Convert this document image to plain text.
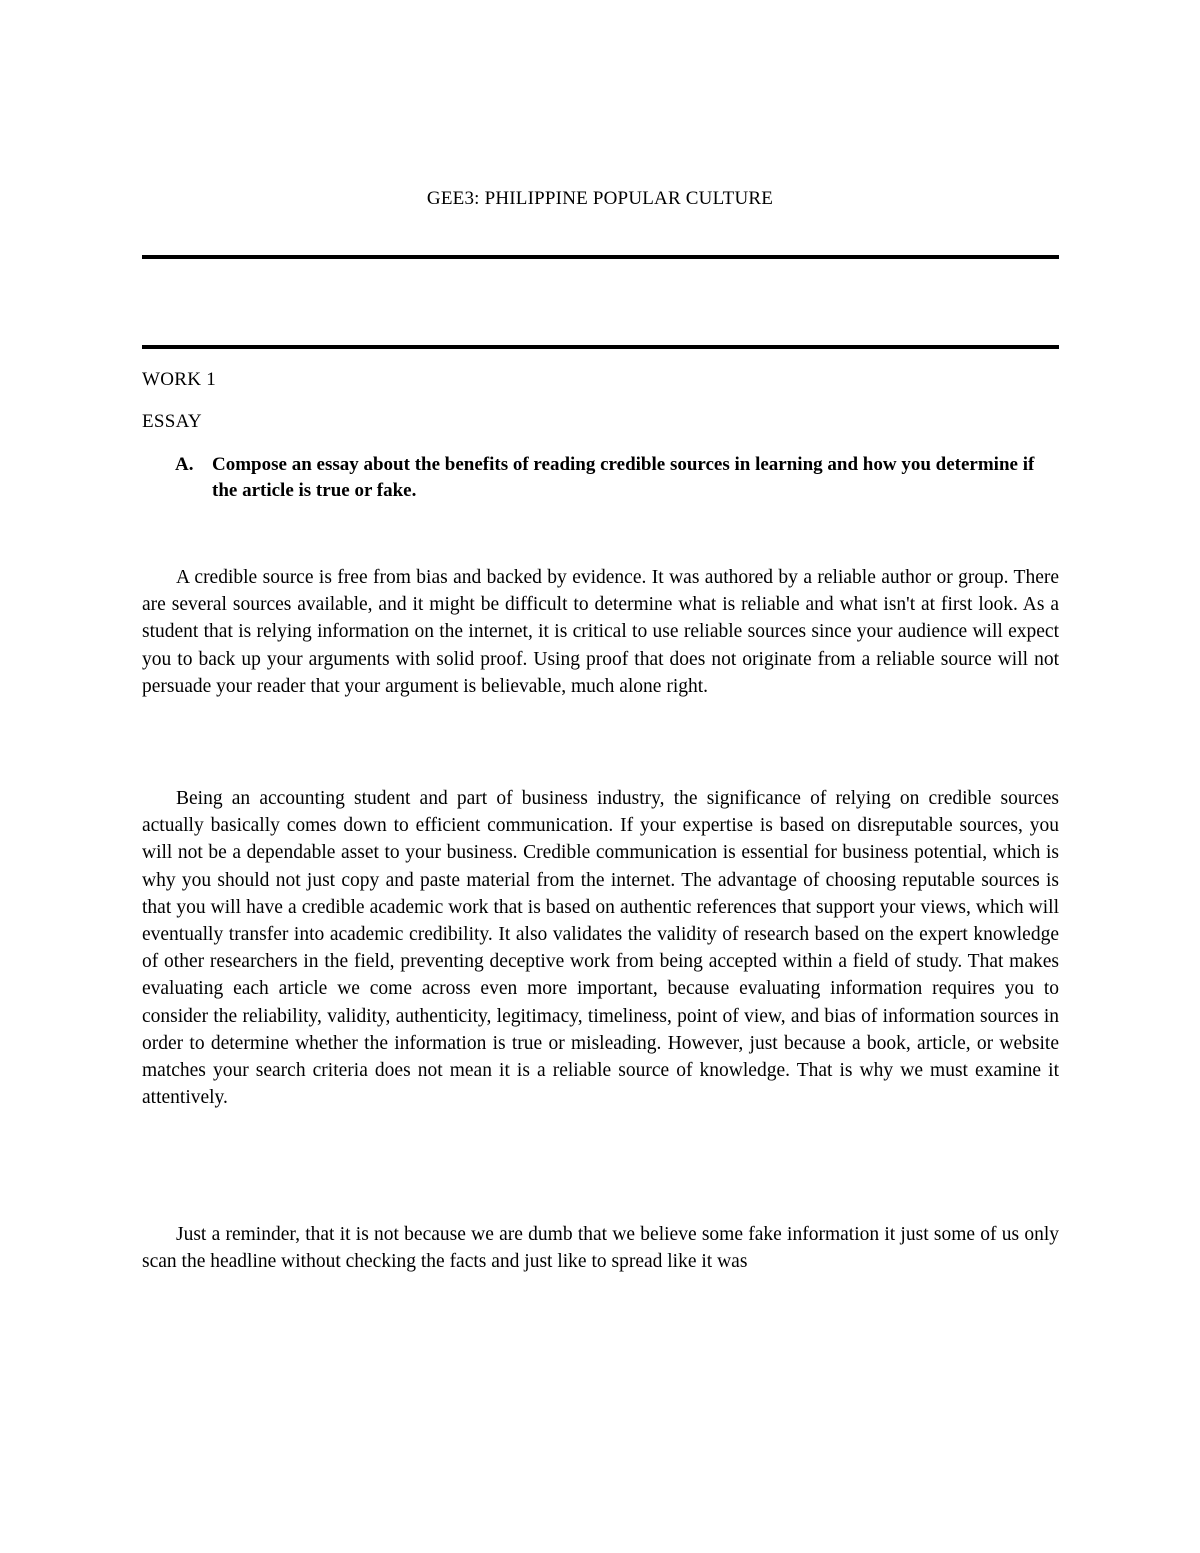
GEE3: PHILIPPINE POPULAR CULTURE
WORK 1
ESSAY
A. Compose an essay about the benefits of reading credible sources in learning and how you determine if the article is true or fake.

A credible source is free from bias and backed by evidence. It was authored by a reliable author or group. There are several sources available, and it might be difficult to determine what is reliable and what isn't at first look. As a student that is relying information on the internet, it is critical to use reliable sources since your audience will expect you to back up your arguments with solid proof. Using proof that does not originate from a reliable source will not persuade your reader that your argument is believable, much alone right.

Being an accounting student and part of business industry, the significance of relying on credible sources actually basically comes down to efficient communication. If your expertise is based on disreputable sources, you will not be a dependable asset to your business. Credible communication is essential for business potential, which is why you should not just copy and paste material from the internet. The advantage of choosing reputable sources is that you will have a credible academic work that is based on authentic references that support your views, which will eventually transfer into academic credibility. It also validates the validity of research based on the expert knowledge of other researchers in the field, preventing deceptive work from being accepted within a field of study. That makes evaluating each article we come across even more important, because evaluating information requires you to consider the reliability, validity, authenticity, legitimacy, timeliness, point of view, and bias of information sources in order to determine whether the information is true or misleading. However, just because a book, article, or website matches your search criteria does not mean it is a reliable source of knowledge. That is why we must examine it attentively.

Just a reminder, that it is not because we are dumb that we believe some fake information it just some of us only scan the headline without checking the facts and just like to spread like it was
